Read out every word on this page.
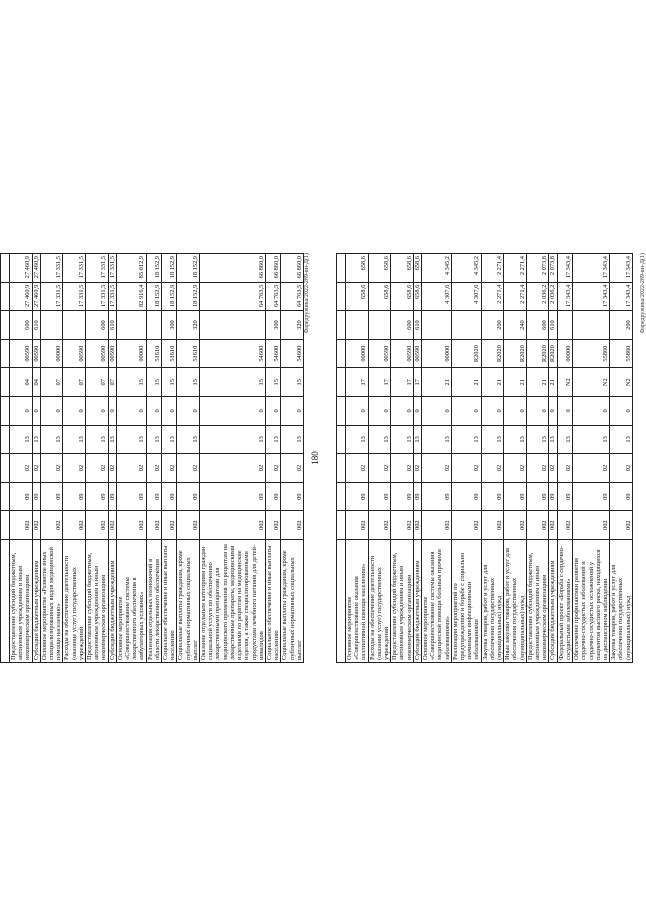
Предоставление субсидий бюджетным, автономным учреждениям и иным некоммерческим организациям	002	09	02	13	0	04	00590	600	27 460,9	27 460,9
Субсидии бюджетным учреждениям	002	09	02	13	0	04	00590	610	27 460,9	27 460,9
Основное мероприятие «Развитие иных специализированных видов медицинской помощи населению»	002	09	02	13	0	07	00000		17 331,5	17 331,5
Расходы на обеспечение деятельности (оказание услуг) государственных учреждений	002	09	02	13	0	07	00590		17 331,5	17 331,5
Предоставление субсидий бюджетным, автономным учреждениям и иным некоммерческим организациям	002	09	02	13	0	07	00590	600	17 331,5	17 331,5
Субсидии бюджетным учреждениям	002	09	02	13	0	07	00590	610	17 331,5	17 331,5
Основное мероприятие «Совершенствование системы лекарственного обеспечения в амбулаторных условиях»	002	09	02	13	0	15	00000		82 916,4	85 012,9
Реализация отдельных полномочий в области лекарственного обеспечения	002	09	02	13	0	15	51610		18 152,9	18 152,9
Социальное обеспечение и иные выплаты населению	002	09	02	13	0	15	51610	300	18 152,9	18 152,9
Социальные выплаты гражданам, кроме публичных нормативных социальных выплат	002	09	02	13	0	15	51610	320	18 152,9	18 152,9
Оказание отдельным категориям граждан социальной услуги по обеспечению лекарственными препаратами для медицинского применения по рецептам на лекарственные препараты, медицинскими изделиями по рецептам на медицинские изделия, а также специализированными продуктами лечебного питания для детей-инвалидов	002	09	02	13	0	15	54600		64 763,5	66 860,0
Социальное обеспечение и иные выплаты населению	002	09	02	13	0	15	54600	300	64 763,5	66 860,0
Социальные выплаты гражданам, кроме публичных нормативных социальных выплат	002	09	02	13	0	15	54600	320	64 763,5	66 860,0 Фаредружика/2022-289-вн-Д(1)
180

Основное мероприятие «Совершенствование оказания паллиативной помощи населению»	002	09	02	13	0	17	00000		658,6	658,6
Расходы на обеспечение деятельности (оказание услуг) государственных учреждений	002	09	02	13	0	17	00590		658,6	658,6
Предоставление субсидий бюджетным, автономным учреждениям и иным некоммерческим организациям	002	09	02	13	0	17	00590	600	658,6	658,6
Субсидии бюджетным учреждениям	002	09	02	13	0	17	00590	610	658,6	658,6
Основное мероприятие «Совершенствование системы оказания медицинской помощи больным прочими заболеваниями»	002	09	02	13	0	21	00000		4 307,6	4 345,2
Реализация мероприятий по предупреждению и борьбе с социально значимыми инфекционными заболеваниями	002	09	02	13	0	21	R2020		4 307,6	4 345,2
Закупка товаров, работ и услуг для обеспечения государственных (муниципальных) нужд	002	09	02	13	0	21	R2020	200	2 271,4	2 271,4
Иные закупки товаров, работ и услуг для обеспечения государственных (муниципальных) нужд	002	09	02	13	0	21	R2020	240	2 271,4	2 271,4
Предоставление субсидий бюджетным, автономным учреждениям и иным некоммерческим организациям	002	09	02	13	0	21	R2020	600	2 036,2	2 073,8
Субсидии бюджетным учреждениям	002	09	02	13	0	21	R2020	610	2 036,2	2 073,8
Федеральный проект «Борьба с сердечно-сосудистыми заболеваниями»	002	09	02	13	0	N2	00000		17 343,4	17 343,4
Обеспечение профилактики развития сердечно-сосудистых заболеваний и сердечно-сосудистых осложнений у пациентов высокого риска, находящихся на диспансерном наблюдении	002	09	02	13	0	N2	55860		17 343,4	17 343,4
Закупка товаров, работ и услуг для обеспечения государственных (муниципальных) нужд	002	09	02	13	0	N2	55860	200	17 343,4	17 343,4 Фаредружика/2022-289-вн-Д(1)
